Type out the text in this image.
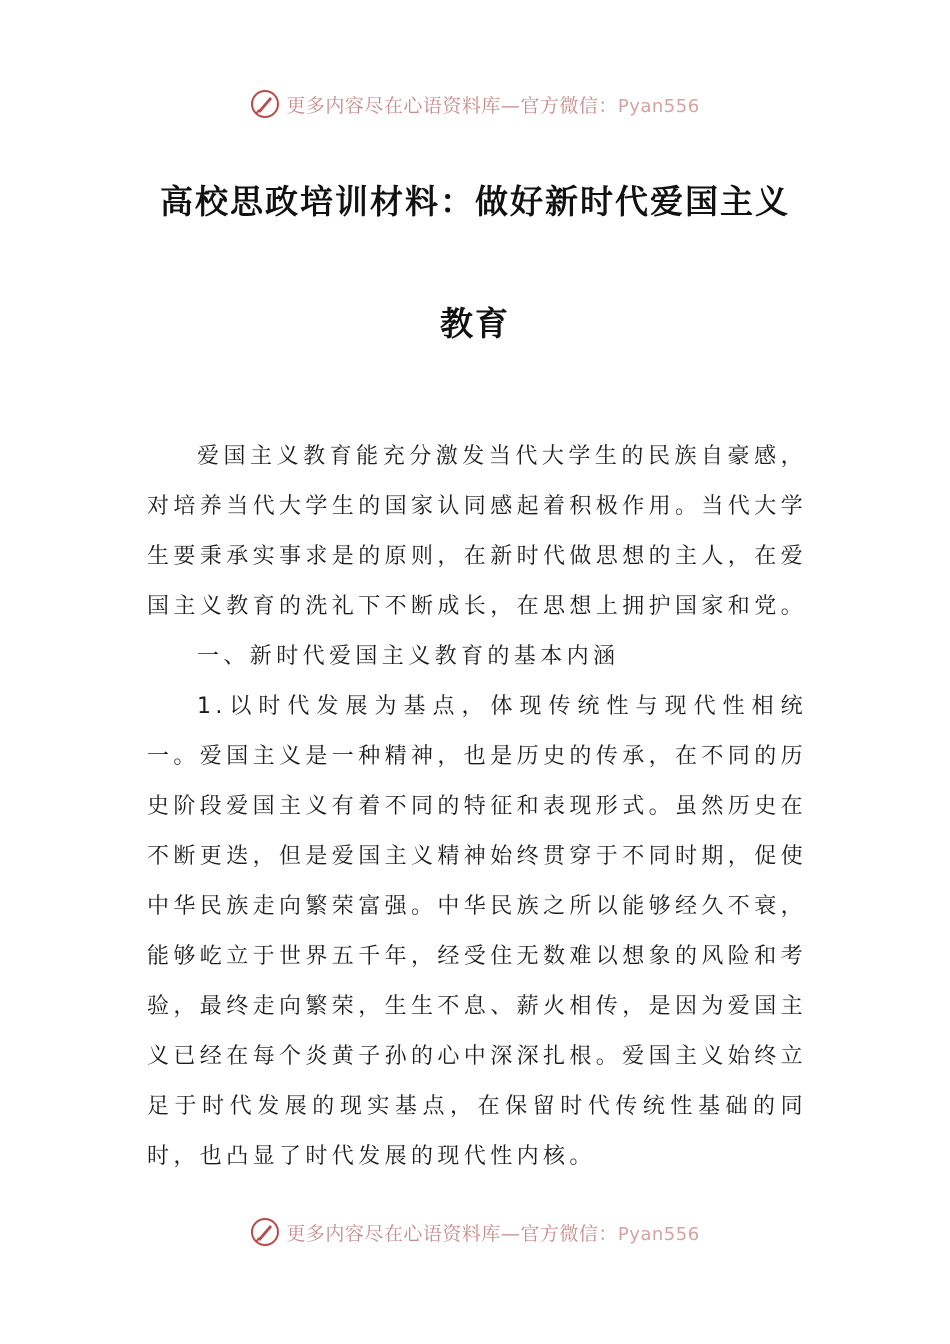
更多内容尽在心语资料库—官方微信：Pyan556
高校思政培训材料：做好新时代爱国主义
教育

爱国主义教育能充分激发当代大学生的民族自豪感，对培养当代大学生的国家认同感起着积极作用。当代大学生要秉承实事求是的原则，在新时代做思想的主人，在爱国主义教育的洗礼下不断成长，在思想上拥护国家和党。

一、新时代爱国主义教育的基本内涵

1.以时代发展为基点，体现传统性与现代性相统一。爱国主义是一种精神，也是历史的传承，在不同的历史阶段爱国主义有着不同的特征和表现形式。虽然历史在不断更迭，但是爱国主义精神始终贯穿于不同时期，促使中华民族走向繁荣富强。中华民族之所以能够经久不衰，能够屹立于世界五千年，经受住无数难以想象的风险和考验，最终走向繁荣，生生不息、薪火相传，是因为爱国主义已经在每个炎黄子孙的心中深深扎根。爱国主义始终立足于时代发展的现实基点，在保留时代传统性基础的同时，也凸显了时代发展的现代性内核。

更多内容尽在心语资料库—官方微信：Pyan556
